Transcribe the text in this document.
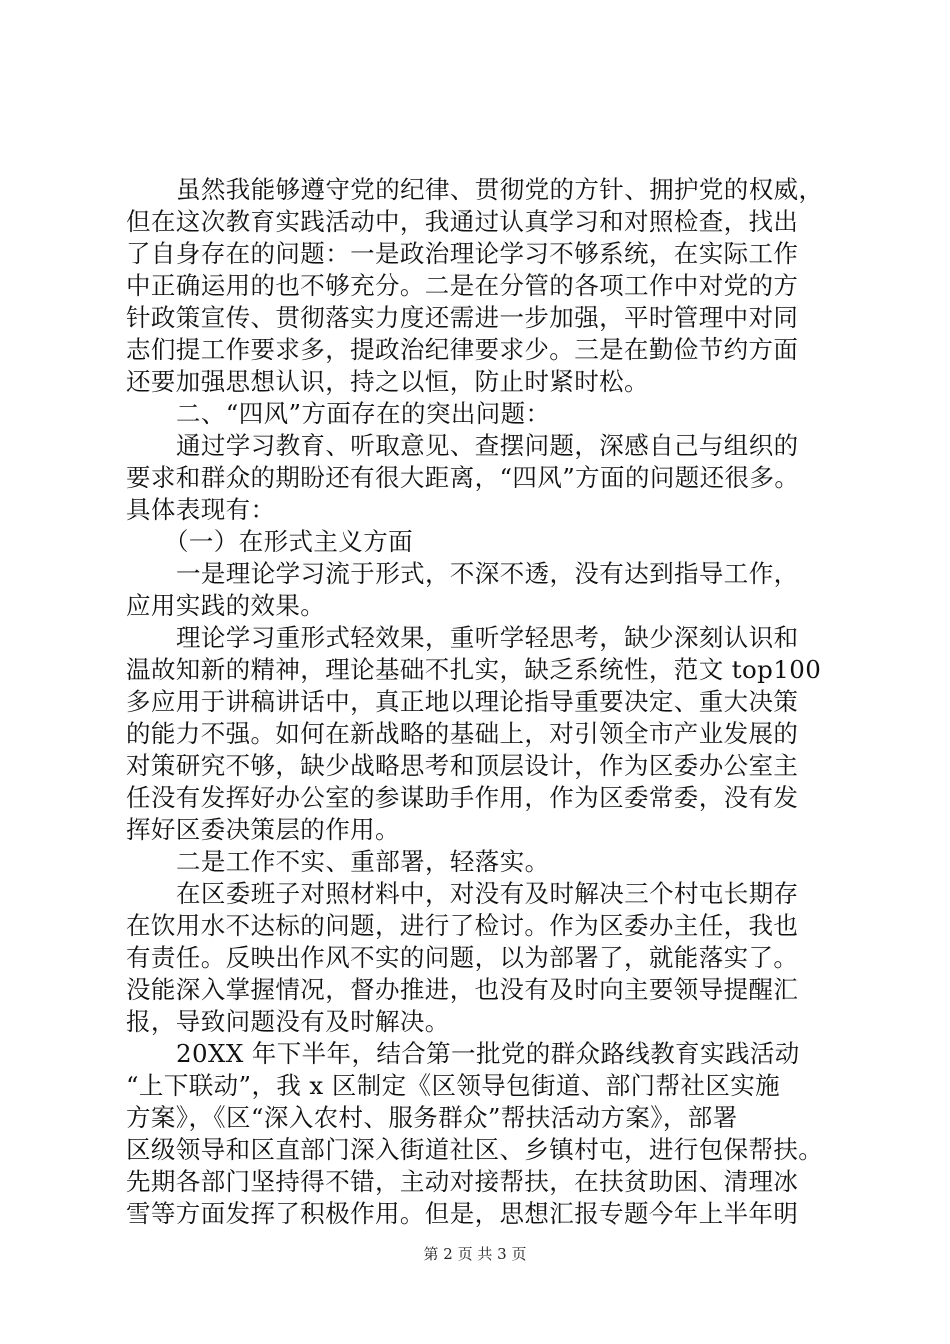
虽然我能够遵守党的纪律、贯彻党的方针、拥护党的权威，
但在这次教育实践活动中，我通过认真学习和对照检查，找出
了自身存在的问题：一是政治理论学习不够系统，在实际工作
中正确运用的也不够充分。二是在分管的各项工作中对党的方
针政策宣传、贯彻落实力度还需进一步加强，平时管理中对同
志们提工作要求多，提政治纪律要求少。三是在勤俭节约方面
还要加强思想认识，持之以恒，防止时紧时松。
二、“四风”方面存在的突出问题：
通过学习教育、听取意见、查摆问题，深感自己与组织的
要求和群众的期盼还有很大距离，“四风”方面的问题还很多。
具体表现有：
（一）在形式主义方面
一是理论学习流于形式，不深不透，没有达到指导工作，
应用实践的效果。
理论学习重形式轻效果，重听学轻思考，缺少深刻认识和
温故知新的精神，理论基础不扎实，缺乏系统性，范文 top100
多应用于讲稿讲话中，真正地以理论指导重要决定、重大决策
的能力不强。如何在新战略的基础上，对引领全市产业发展的
对策研究不够，缺少战略思考和顶层设计，作为区委办公室主
任没有发挥好办公室的参谋助手作用，作为区委常委，没有发
挥好区委决策层的作用。
二是工作不实、重部署，轻落实。
在区委班子对照材料中，对没有及时解决三个村屯长期存
在饮用水不达标的问题，进行了检讨。作为区委办主任，我也
有责任。反映出作风不实的问题，以为部署了，就能落实了。
没能深入掌握情况，督办推进，也没有及时向主要领导提醒汇
报，导致问题没有及时解决。
20XX 年下半年，结合第一批党的群众路线教育实践活动
“上下联动”，我 x 区制定《区领导包街道、部门帮社区实施
方案》，《区“深入农村、服务群众”帮扶活动方案》，部署
区级领导和区直部门深入街道社区、乡镇村屯，进行包保帮扶。
先期各部门坚持得不错，主动对接帮扶，在扶贫助困、清理冰
雪等方面发挥了积极作用。但是，思想汇报专题今年上半年明
第 2 页 共 3 页
